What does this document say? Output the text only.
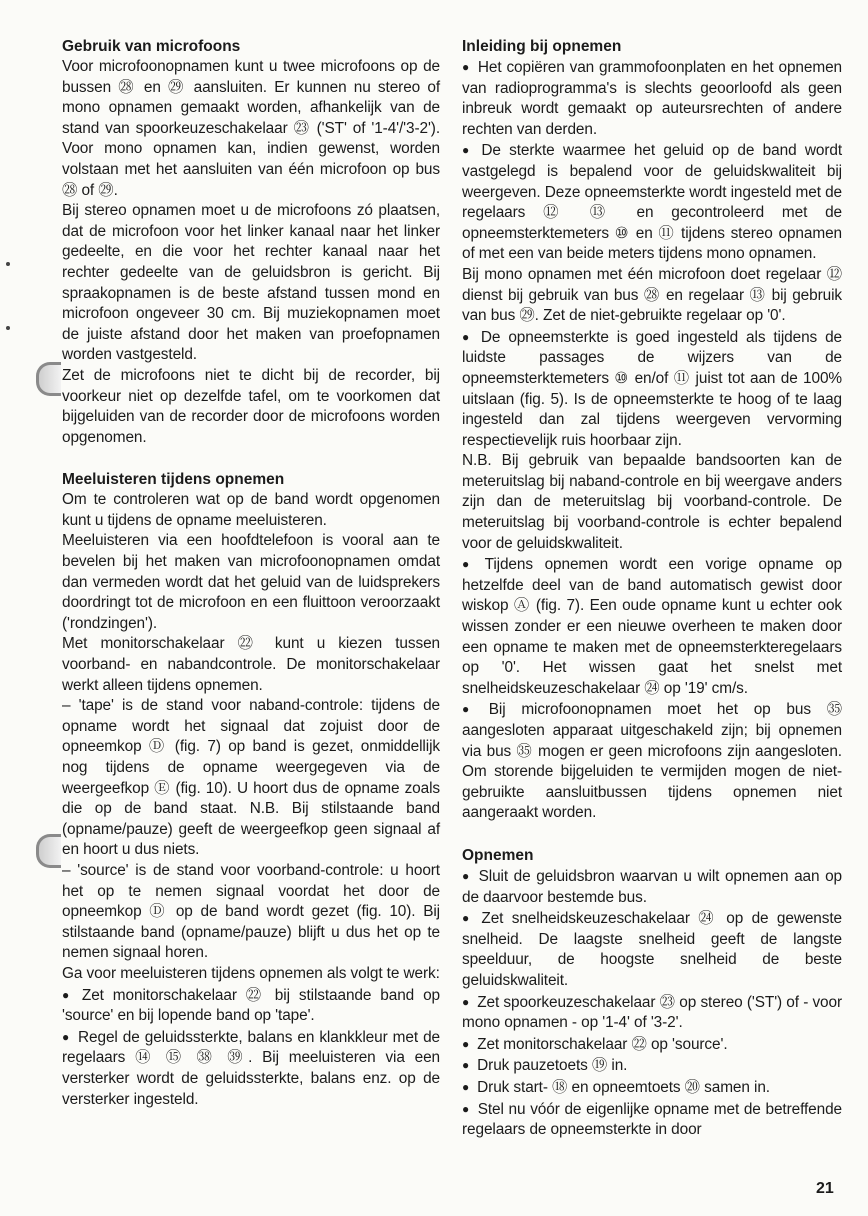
Gebruik van microfoons

Voor microfoonopnamen kunt u twee microfoons op de bussen ㉘ en ㉙ aansluiten. Er kunnen nu stereo of mono opnamen gemaakt worden, afhankelijk van de stand van spoorkeuzeschakelaar ㉓ ('ST' of '1-4'/'3-2'). Voor mono opnamen kan, indien gewenst, worden volstaan met het aansluiten van één microfoon op bus ㉘ of ㉙.

Bij stereo opnamen moet u de microfoons zó plaatsen, dat de microfoon voor het linker kanaal naar het linker gedeelte, en die voor het rechter kanaal naar het rechter gedeelte van de geluidsbron is gericht. Bij spraakopnamen is de beste afstand tussen mond en microfoon ongeveer 30 cm. Bij muziekopnamen moet de juiste afstand door het maken van proefopnamen worden vastgesteld.

Zet de microfoons niet te dicht bij de recorder, bij voorkeur niet op dezelfde tafel, om te voorkomen dat bijgeluiden van de recorder door de microfoons worden opgenomen.

Meeluisteren tijdens opnemen

Om te controleren wat op de band wordt opgenomen kunt u tijdens de opname meeluisteren.

Meeluisteren via een hoofdtelefoon is vooral aan te bevelen bij het maken van microfoonopnamen omdat dan vermeden wordt dat het geluid van de luidsprekers doordringt tot de microfoon en een fluittoon veroorzaakt ('rondzingen').

Met monitorschakelaar ㉒ kunt u kiezen tussen voorband- en nabandcontrole. De monitorschakelaar werkt alleen tijdens opnemen.

– 'tape' is de stand voor naband-controle: tijdens de opname wordt het signaal dat zojuist door de opneemkop Ⓓ (fig. 7) op band is gezet, onmiddellijk nog tijdens de opname weergegeven via de weergeefkop Ⓔ (fig. 10). U hoort dus de opname zoals die op de band staat. N.B. Bij stilstaande band (opname/pauze) geeft de weergeefkop geen signaal af en hoort u dus niets.

– 'source' is de stand voor voorband-controle: u hoort het op te nemen signaal voordat het door de opneemkop Ⓓ op de band wordt gezet (fig. 10). Bij stilstaande band (opname/pauze) blijft u dus het op te nemen signaal horen.

Ga voor meeluisteren tijdens opnemen als volgt te werk:

● Zet monitorschakelaar ㉒ bij stilstaande band op 'source' en bij lopende band op 'tape'.

● Regel de geluidssterkte, balans en klankkleur met de regelaars ⑭ ⑮ ㊳ ㊴. Bij meeluisteren via een versterker wordt de geluidssterkte, balans enz. op de versterker ingesteld.

Inleiding bij opnemen

● Het copiëren van grammofoonplaten en het opnemen van radioprogramma's is slechts geoorloofd als geen inbreuk wordt gemaakt op auteursrechten of andere rechten van derden.

● De sterkte waarmee het geluid op de band wordt vastgelegd is bepalend voor de geluidskwaliteit bij weergeven. Deze opneemsterkte wordt ingesteld met de regelaars ⑫ ⑬ en gecontroleerd met de opneemsterktemeters ⑩ en ⑪ tijdens stereo opnamen of met een van beide meters tijdens mono opnamen.

Bij mono opnamen met één microfoon doet regelaar ⑫ dienst bij gebruik van bus ㉘ en regelaar ⑬ bij gebruik van bus ㉙. Zet de niet-gebruikte regelaar op '0'.

● De opneemsterkte is goed ingesteld als tijdens de luidste passages de wijzers van de opneemsterktemeters ⑩ en/of ⑪ juist tot aan de 100% uitslaan (fig. 5). Is de opneemsterkte te hoog of te laag ingesteld dan zal tijdens weergeven vervorming respectievelijk ruis hoorbaar zijn.

N.B. Bij gebruik van bepaalde bandsoorten kan de meteruitslag bij naband-controle en bij weergave anders zijn dan de meteruitslag bij voorband-controle. De meteruitslag bij voorband-controle is echter bepalend voor de geluidskwaliteit.

● Tijdens opnemen wordt een vorige opname op hetzelfde deel van de band automatisch gewist door wiskop Ⓐ (fig. 7). Een oude opname kunt u echter ook wissen zonder er een nieuwe overheen te maken door een opname te maken met de opneemsterkteregelaars op '0'. Het wissen gaat het snelst met snelheidskeuzeschakelaar ㉔ op '19' cm/s.

● Bij microfoonopnamen moet het op bus ㉟ aangesloten apparaat uitgeschakeld zijn; bij opnemen via bus ㉟ mogen er geen microfoons zijn aangesloten. Om storende bijgeluiden te vermijden mogen de niet-gebruikte aansluitbussen tijdens opnemen niet aangeraakt worden.

Opnemen

● Sluit de geluidsbron waarvan u wilt opnemen aan op de daarvoor bestemde bus.

● Zet snelheidskeuzeschakelaar ㉔ op de gewenste snelheid. De laagste snelheid geeft de langste speelduur, de hoogste snelheid de beste geluidskwaliteit.

● Zet spoorkeuzeschakelaar ㉓ op stereo ('ST') of - voor mono opnamen - op '1-4' of '3-2'.

● Zet monitorschakelaar ㉒ op 'source'.

● Druk pauzetoets ⑲ in.

● Druk start- ⑱ en opneemtoets ⑳ samen in.

● Stel nu vóór de eigenlijke opname met de betreffende regelaars de opneemsterkte in door

21
